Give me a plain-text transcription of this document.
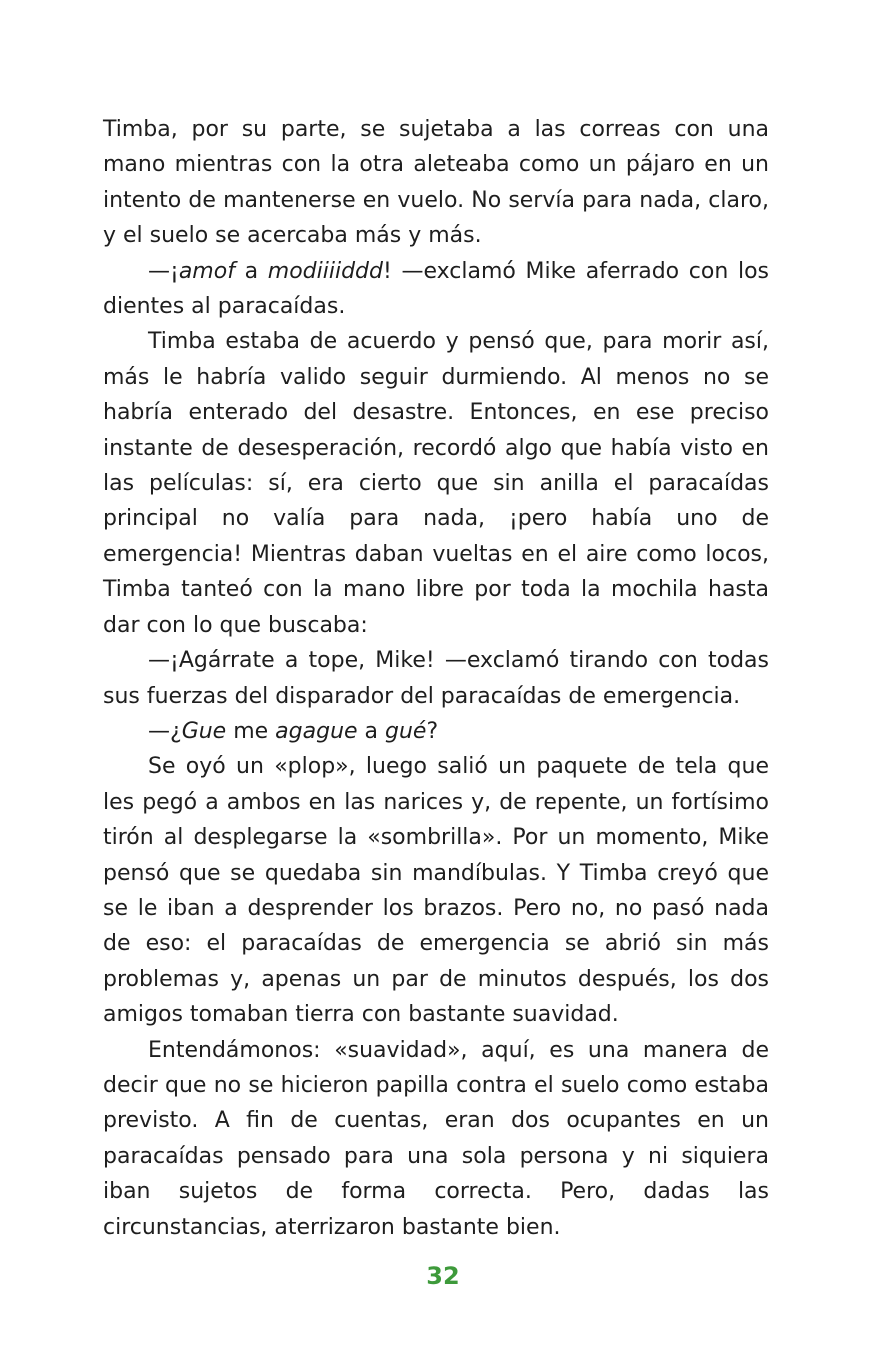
Timba, por su parte, se sujetaba a las correas con una mano mientras con la otra aleteaba como un pájaro en un intento de mantenerse en vuelo. No servía para nada, claro, y el suelo se acercaba más y más.

—¡amof a modiiiiddd! —exclamó Mike aferrado con los dientes al paracaídas.

Timba estaba de acuerdo y pensó que, para morir así, más le habría valido seguir durmiendo. Al menos no se habría enterado del desastre. Entonces, en ese preciso instante de desesperación, recordó algo que había visto en las películas: sí, era cierto que sin anilla el paracaídas principal no valía para nada, ¡pero había uno de emergencia! Mientras daban vueltas en el aire como locos, Timba tanteó con la mano libre por toda la mochila hasta dar con lo que buscaba:

—¡Agárrate a tope, Mike! —exclamó tirando con todas sus fuerzas del disparador del paracaídas de emergencia.

—¿Gue me agague a gué?

Se oyó un «plop», luego salió un paquete de tela que les pegó a ambos en las narices y, de repente, un fortísimo tirón al desplegarse la «sombrilla». Por un momento, Mike pensó que se quedaba sin mandíbulas. Y Timba creyó que se le iban a desprender los brazos. Pero no, no pasó nada de eso: el paracaídas de emergencia se abrió sin más problemas y, apenas un par de minutos después, los dos amigos tomaban tierra con bastante suavidad.

Entendámonos: «suavidad», aquí, es una manera de decir que no se hicieron papilla contra el suelo como estaba previsto. A fin de cuentas, eran dos ocupantes en un paracaídas pensado para una sola persona y ni siquiera iban sujetos de forma correcta. Pero, dadas las circunstancias, aterrizaron bastante bien.

32
